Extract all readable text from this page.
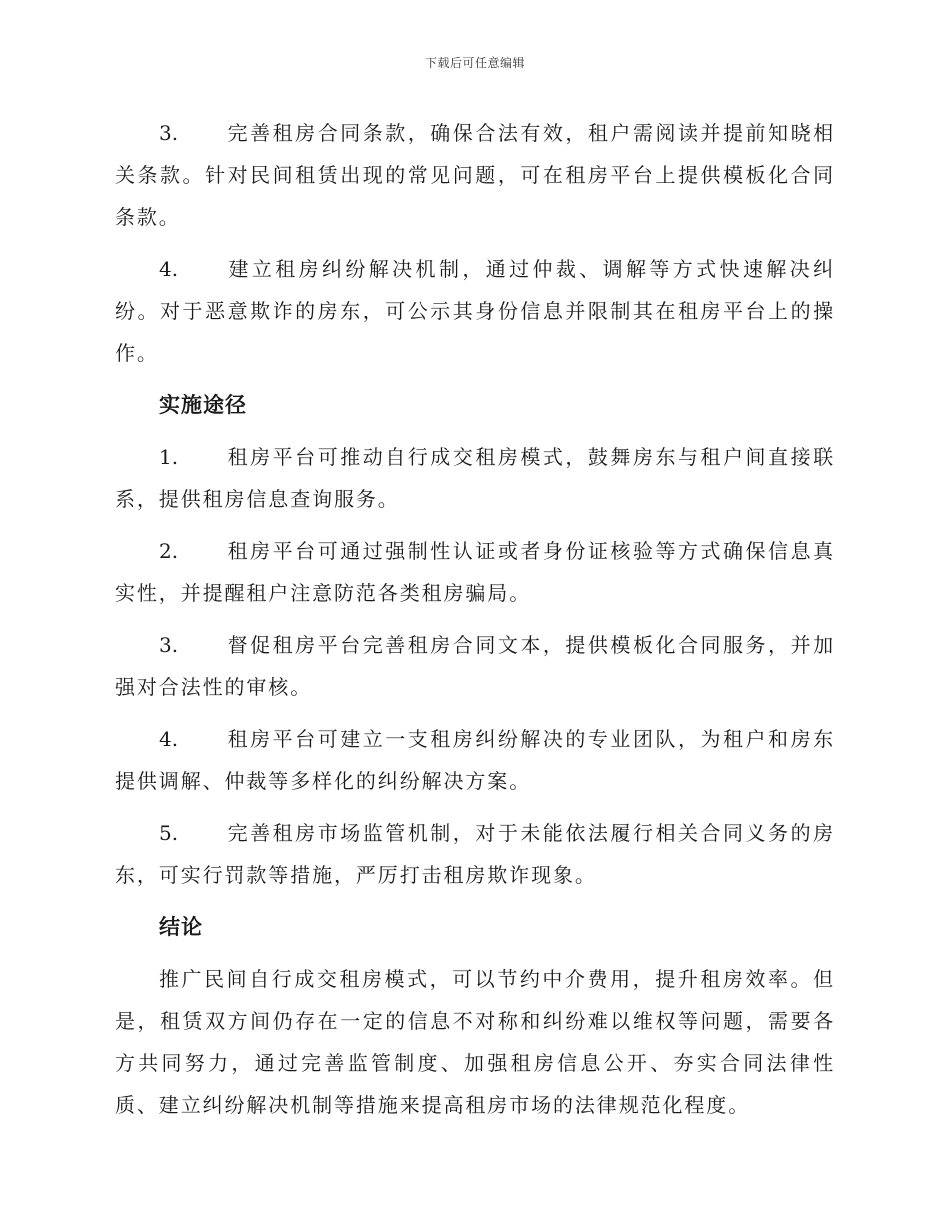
下载后可任意编辑

3. 完善租房合同条款，确保合法有效，租户需阅读并提前知晓相关条款。针对民间租赁出现的常见问题，可在租房平台上提供模板化合同条款。

4. 建立租房纠纷解决机制，通过仲裁、调解等方式快速解决纠纷。对于恶意欺诈的房东，可公示其身份信息并限制其在租房平台上的操作。

实施途径

1. 租房平台可推动自行成交租房模式，鼓舞房东与租户间直接联系，提供租房信息查询服务。

2. 租房平台可通过强制性认证或者身份证核验等方式确保信息真实性，并提醒租户注意防范各类租房骗局。

3. 督促租房平台完善租房合同文本，提供模板化合同服务，并加强对合法性的审核。

4. 租房平台可建立一支租房纠纷解决的专业团队，为租户和房东提供调解、仲裁等多样化的纠纷解决方案。

5. 完善租房市场监管机制，对于未能依法履行相关合同义务的房东，可实行罚款等措施，严厉打击租房欺诈现象。

结论

推广民间自行成交租房模式，可以节约中介费用，提升租房效率。但是，租赁双方间仍存在一定的信息不对称和纠纷难以维权等问题，需要各方共同努力，通过完善监管制度、加强租房信息公开、夯实合同法律性质、建立纠纷解决机制等措施来提高租房市场的法律规范化程度。
